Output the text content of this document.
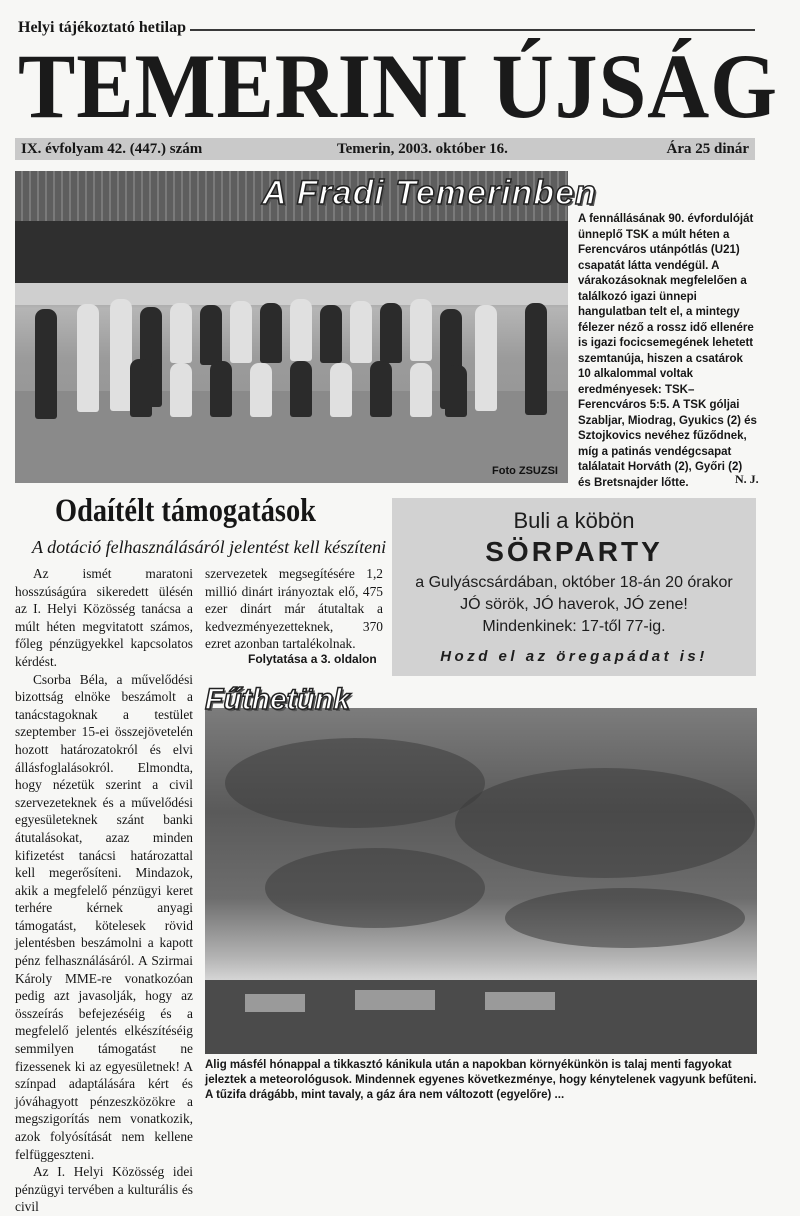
Helyi tájékoztató hetilap
TEMERINI ÚJSÁG
IX. évfolyam 42. (447.) szám	Temerin, 2003. október 16.	Ára 25 dinár
Foto ZSUZSI
A Fradi Temerinben
A fennállásának 90. évfordulóját ünneplő TSK a múlt héten a Ferencváros utánpótlás (U21) csapatát látta vendégül. A várakozásoknak megfelelően a találkozó igazi ünnepi hangulatban telt el, a mintegy félezer néző a rossz idő ellenére is igazi focicsemegének lehetett szemtanúja, hiszen a csatárok 10 alkalommal voltak eredményesek: TSK–Ferencváros 5:5. A TSK góljai Szabljar, Miodrag, Gyukics (2) és Sztojkovics nevéhez fűződnek, míg a patinás vendégcsapat találatait Horváth (2), Győri (2) és Bretsnajder lőtte.	N. J.
Odaítélt támogatások
A dotáció felhasználásáról jelentést kell készíteni

Az ismét maratoni hosszúságúra sikeredett ülésén az I. Helyi Közösség tanácsa a múlt héten megvitatott számos, főleg pénzügyekkel kapcsolatos kérdést.

Csorba Béla, a művelődési bizottság elnöke beszámolt a tanácstagoknak a testület szeptember 15-ei összejövetelén hozott határozatokról és elvi állásfoglalásokról. Elmondta, hogy nézetük szerint a civil szervezeteknek és a művelődési egyesületeknek szánt banki átutalásokat, azaz minden kifizetést tanácsi határozattal kell megerősíteni. Mindazok, akik a megfelelő pénzügyi keret terhére kérnek anyagi támogatást, kötelesek rövid jelentésben beszámolni a kapott pénz felhasználásáról. A Szirmai Károly MME-re vonatkozóan pedig azt javasolják, hogy az összeírás befejezéséig és a megfelelő jelentés elkészítéséig semmilyen támogatást ne fizessenek ki az egyesületnek! A színpad adaptálására kért és jóváhagyott pénzeszközökre a megszigorítás nem vonatkozik, azok folyósítását nem kellene felfüggeszteni.

Az I. Helyi Közösség idei pénzügyi tervében a kulturális és civil

szervezetek megsegítésére 1,2 millió dinárt irányoztak elő, 475 ezer dinárt már átutaltak a kedvezményezetteknek, 370 ezret azonban tartalékolnak.

Folytatása a 3. oldalon
Buli a köbön
SÖRPARTY
a Gulyáscsárdában, október 18-án 20 órakor
JÓ sörök, JÓ haverok, JÓ zene!
Mindenkinek: 17-től 77-ig.
Hozd el az öregapádat is!
Fűthetünk
Alig másfél hónappal a tikkasztó kánikula után a napokban környékünkön is talaj menti fagyokat jeleztek a meteorológusok. Mindennek egyenes következménye, hogy kénytelenek vagyunk befűteni. A tűzifa drágább, mint tavaly, a gáz ára nem változott (egyelőre) ...
